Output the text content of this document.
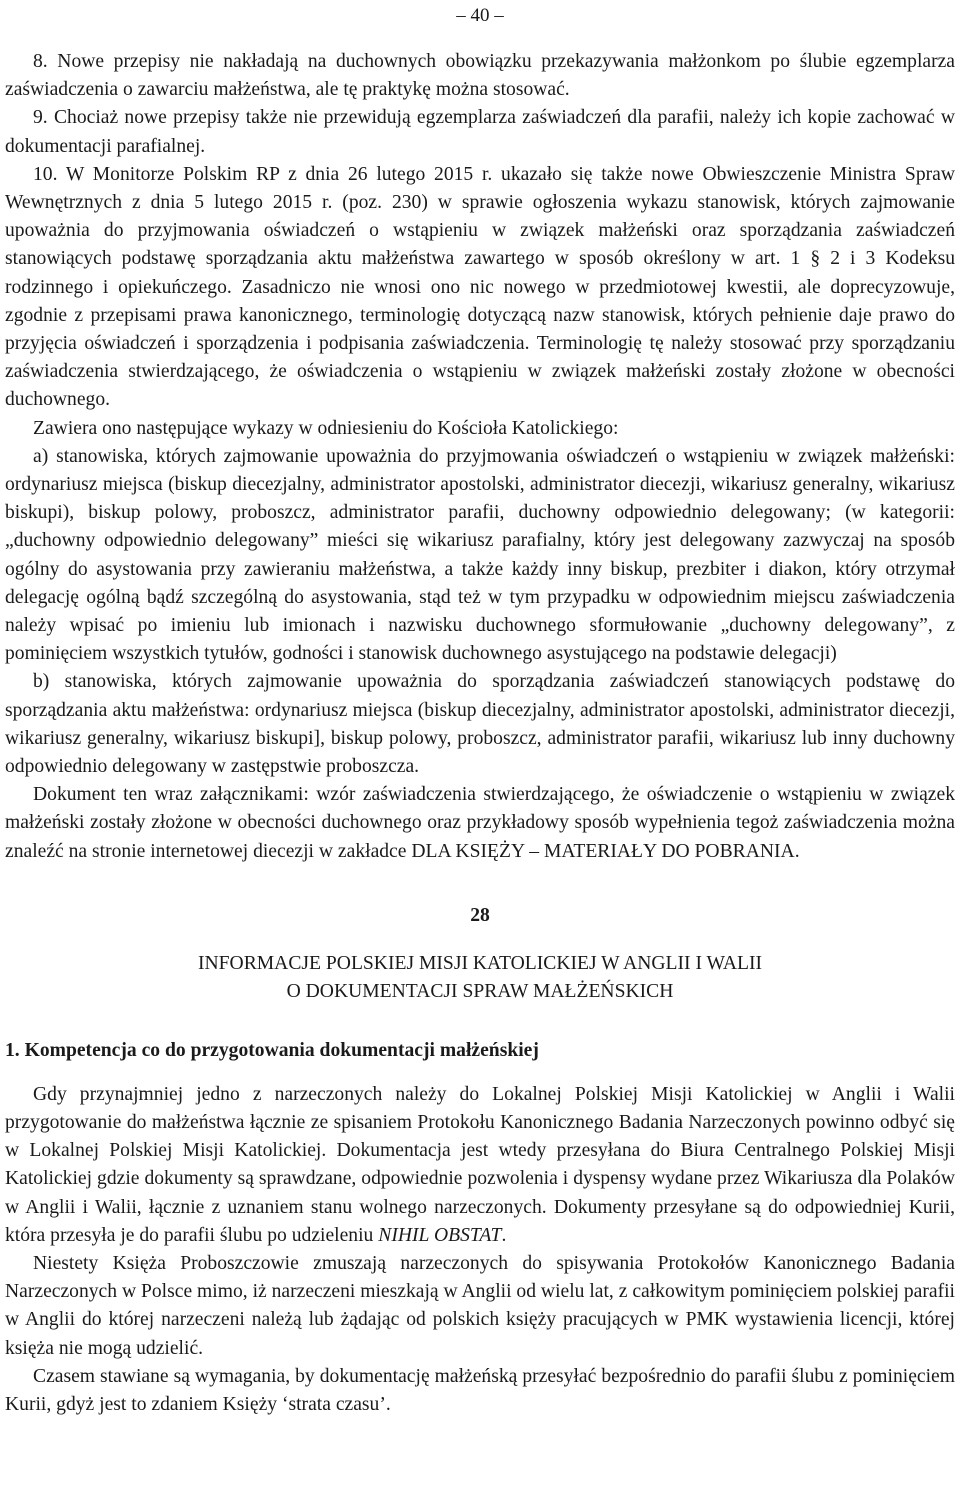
– 40 –

8. Nowe przepisy nie nakładają na duchownych obowiązku przekazywania małżonkom po ślubie egzemplarza zaświadczenia o zawarciu małżeństwa, ale tę praktykę można stosować.

9. Chociaż nowe przepisy także nie przewidują egzemplarza zaświadczeń dla parafii, należy ich kopie zachować w dokumentacji parafialnej.

10. W Monitorze Polskim RP z dnia 26 lutego 2015 r. ukazało się także nowe Obwieszczenie Ministra Spraw Wewnętrznych z dnia 5 lutego 2015 r. (poz. 230) w sprawie ogłoszenia wykazu stanowisk, których zajmowanie upoważnia do przyjmowania oświadczeń o wstąpieniu w związek małżeński oraz sporządzania zaświadczeń stanowiących podstawę sporządzania aktu małżeństwa zawartego w sposób określony w art. 1 § 2 i 3 Kodeksu rodzinnego i opiekuńczego. Zasadniczo nie wnosi ono nic nowego w przedmiotowej kwestii, ale doprecyzowuje, zgodnie z przepisami prawa kanonicznego, terminologię dotyczącą nazw stanowisk, których pełnienie daje prawo do przyjęcia oświadczeń i sporządzenia i podpisania zaświadczenia. Terminologię tę należy stosować przy sporządzaniu zaświadczenia stwierdzającego, że oświadczenia o wstąpieniu w związek małżeński zostały złożone w obecności duchownego.

Zawiera ono następujące wykazy w odniesieniu do Kościoła Katolickiego:

a) stanowiska, których zajmowanie upoważnia do przyjmowania oświadczeń o wstąpieniu w związek małżeński: ordynariusz miejsca (biskup diecezjalny, administrator apostolski, administrator diecezji, wikariusz generalny, wikariusz biskupi), biskup polowy, proboszcz, administrator parafii, duchowny odpowiednio delegowany; (w kategorii: „duchowny odpowiednio delegowany” mieści się wikariusz parafialny, który jest delegowany zazwyczaj na sposób ogólny do asystowania przy zawieraniu małżeństwa, a także każdy inny biskup, prezbiter i diakon, który otrzymał delegację ogólną bądź szczególną do asystowania, stąd też w tym przypadku w odpowiednim miejscu zaświadczenia należy wpisać po imieniu lub imionach i nazwisku duchownego sformułowanie „duchowny delegowany”, z pominięciem wszystkich tytułów, godności i stanowisk duchownego asystującego na podstawie delegacji)

b) stanowiska, których zajmowanie upoważnia do sporządzania zaświadczeń stanowiących podstawę do sporządzania aktu małżeństwa: ordynariusz miejsca (biskup diecezjalny, administrator apostolski, administrator diecezji, wikariusz generalny, wikariusz biskupi], biskup polowy, proboszcz, administrator parafii, wikariusz lub inny duchowny odpowiednio delegowany w zastępstwie proboszcza.

Dokument ten wraz załącznikami: wzór zaświadczenia stwierdzającego, że oświadczenie o wstąpieniu w związek małżeński zostały złożone w obecności duchownego oraz przykładowy sposób wypełnienia tegoż zaświadczenia można znaleźć na stronie internetowej diecezji w zakładce DLA KSIĘŻY – MATERIAŁY DO POBRANIA.

28

INFORMACJE POLSKIEJ MISJI KATOLICKIEJ W ANGLII I WALII
O DOKUMENTACJI SPRAW MAŁŻEŃSKICH

1. Kompetencja co do przygotowania dokumentacji małżeńskiej

Gdy przynajmniej jedno z narzeczonych należy do Lokalnej Polskiej Misji Katolickiej w Anglii i Walii przygotowanie do małżeństwa łącznie ze spisaniem Protokołu Kanonicznego Badania Narzeczonych powinno odbyć się w Lokalnej Polskiej Misji Katolickiej. Dokumentacja jest wtedy przesyłana do Biura Centralnego Polskiej Misji Katolickiej gdzie dokumenty są sprawdzane, odpowiednie pozwolenia i dyspensy wydane przez Wikariusza dla Polaków w Anglii i Walii, łącznie z uznaniem stanu wolnego narzeczonych. Dokumenty przesyłane są do odpowiedniej Kurii, która przesyła je do parafii ślubu po udzieleniu NIHIL OBSTAT.

Niestety Księża Proboszczowie zmuszają narzeczonych do spisywania Protokołów Kanonicznego Badania Narzeczonych w Polsce mimo, iż narzeczeni mieszkają w Anglii od wielu lat, z całkowitym pominięciem polskiej parafii w Anglii do której narzeczeni należą lub żądając od polskich księży pracujących w PMK wystawienia licencji, której księża nie mogą udzielić.

Czasem stawiane są wymagania, by dokumentację małżeńską przesyłać bezpośrednio do parafii ślubu z pominięciem Kurii, gdyż jest to zdaniem Księży ‘strata czasu’.
